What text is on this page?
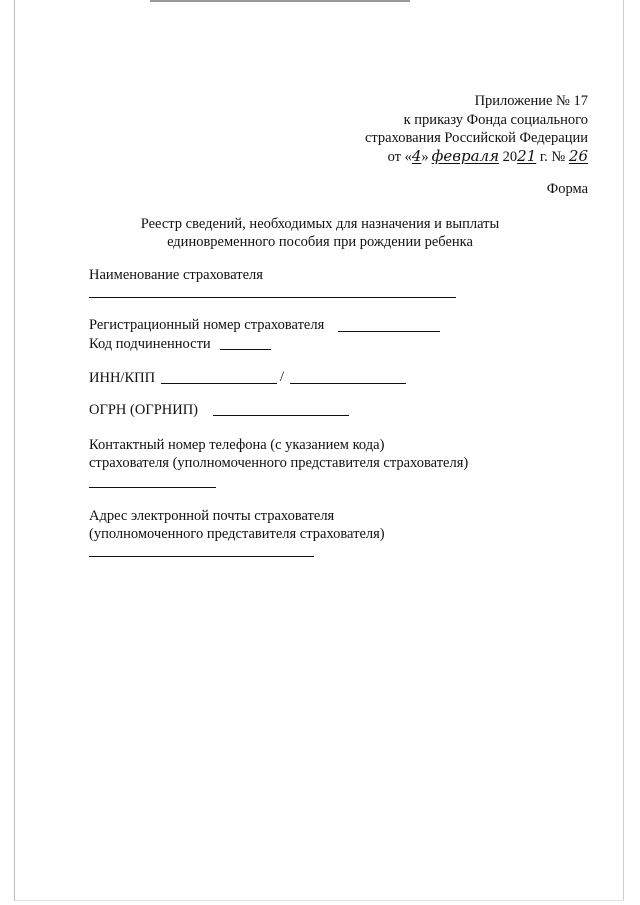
Приложение № 17
к приказу Фонда социального
страхования Российской Федерации
от «4» февраля 2021 г. № 26
Форма
Реестр сведений, необходимых для назначения и выплаты
единовременного пособия при рождении ребенка
Наименование страхователя
Регистрационный номер страхователя
Код подчиненности
ИНН/КПП	/
ОГРН (ОГРНИП)
Контактный номер телефона (с указанием кода)
страхователя (уполномоченного представителя страхователя)
Адрес электронной почты страхователя
(уполномоченного представителя страхователя)
